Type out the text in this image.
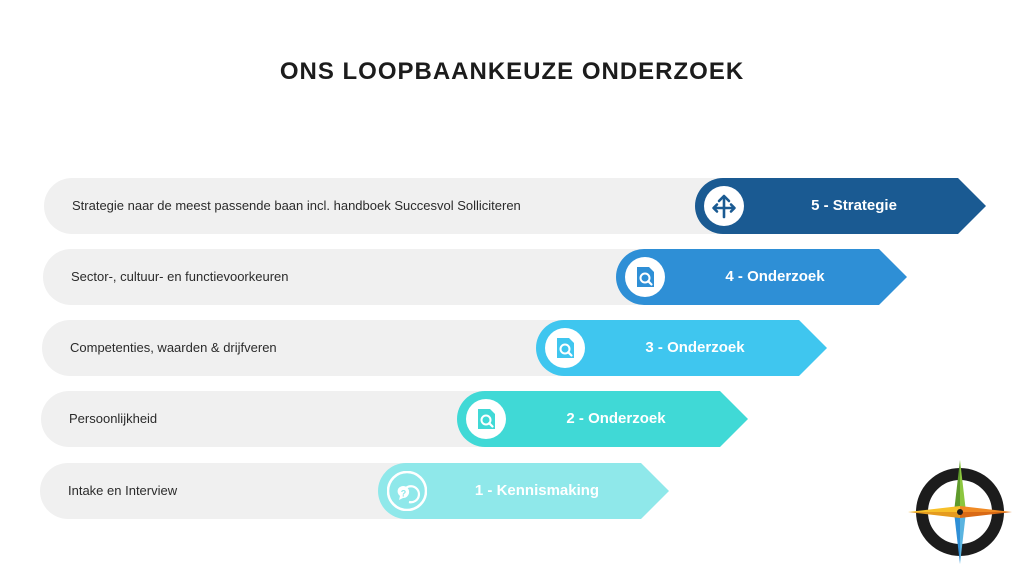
ONS LOOPBAANKEUZE ONDERZOEK
Strategie naar de meest passende baan incl. handboek Succesvol Solliciteren	5 - Strategie
Sector-, cultuur- en functievoorkeuren	4 - Onderzoek
Competenties, waarden & drijfveren	3 - Onderzoek
Persoonlijkheid	2 - Onderzoek
Intake en Interview	?	1 - Kennismaking
